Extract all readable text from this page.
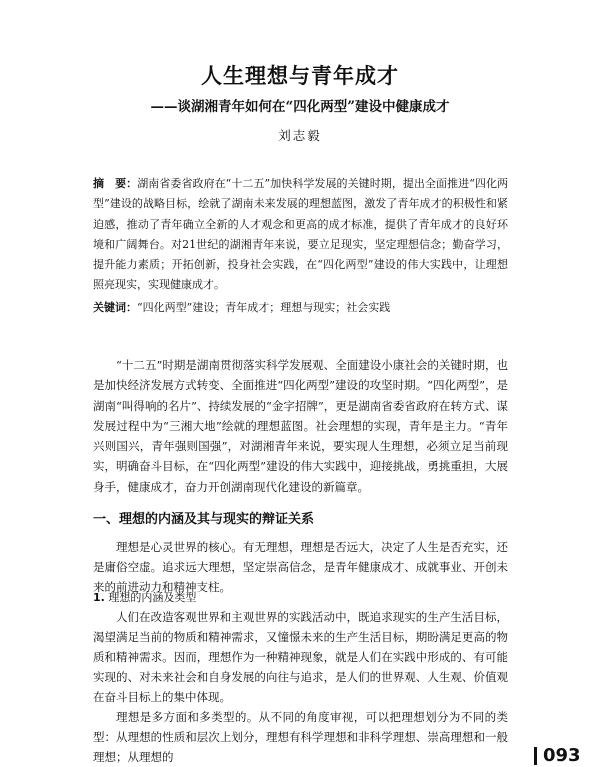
人生理想与青年成才
——谈湖湘青年如何在“四化两型”建设中健康成才
刘志毅
摘　要：湖南省委省政府在“十二五”加快科学发展的关键时期，提出全面推进“四化两型”建设的战略目标，绘就了湖南未来发展的理想蓝图，激发了青年成才的积极性和紧迫感，推动了青年确立全新的人才观念和更高的成才标准，提供了青年成才的良好环境和广阔舞台。对21世纪的湖湘青年来说，要立足现实，坚定理想信念；勤奋学习，提升能力素质；开拓创新，投身社会实践，在“四化两型”建设的伟大实践中，让理想照亮现实，实现健康成才。
关键词：“四化两型”建设；青年成才；理想与现实；社会实践
“十二五”时期是湖南贯彻落实科学发展观、全面建设小康社会的关键时期，也是加快经济发展方式转变、全面推进“四化两型”建设的攻坚时期。“四化两型”，是湖南“叫得响的名片”、持续发展的“金字招牌”，更是湖南省委省政府在转方式、谋发展过程中为“三湘大地”绘就的理想蓝图。社会理想的实现，青年是主力。“青年兴则国兴，青年强则国强”，对湖湘青年来说，要实现人生理想，必须立足当前现实，明确奋斗目标，在“四化两型”建设的伟大实践中，迎接挑战，勇挑重担，大展身手，健康成才，奋力开创湖南现代化建设的新篇章。
一、理想的内涵及其与现实的辩证关系
理想是心灵世界的核心。有无理想，理想是否远大，决定了人生是否充实，还是庸俗空虚。追求远大理想，坚定崇高信念，是青年健康成才、成就事业、开创未来的前进动力和精神支柱。
1. 理想的内涵及类型
人们在改造客观世界和主观世界的实践活动中，既追求现实的生产生活目标，渴望满足当前的物质和精神需求，又憧憬未来的生产生活目标，期盼满足更高的物质和精神需求。因而，理想作为一种精神现象，就是人们在实践中形成的、有可能实现的、对未来社会和自身发展的向往与追求，是人们的世界观、人生观、价值观在奋斗目标上的集中体现。
理想是多方面和多类型的。从不同的角度审视，可以把理想划分为不同的类型：从理想的性质和层次上划分，理想有科学理想和非科学理想、崇高理想和一般理想；从理想的	093
